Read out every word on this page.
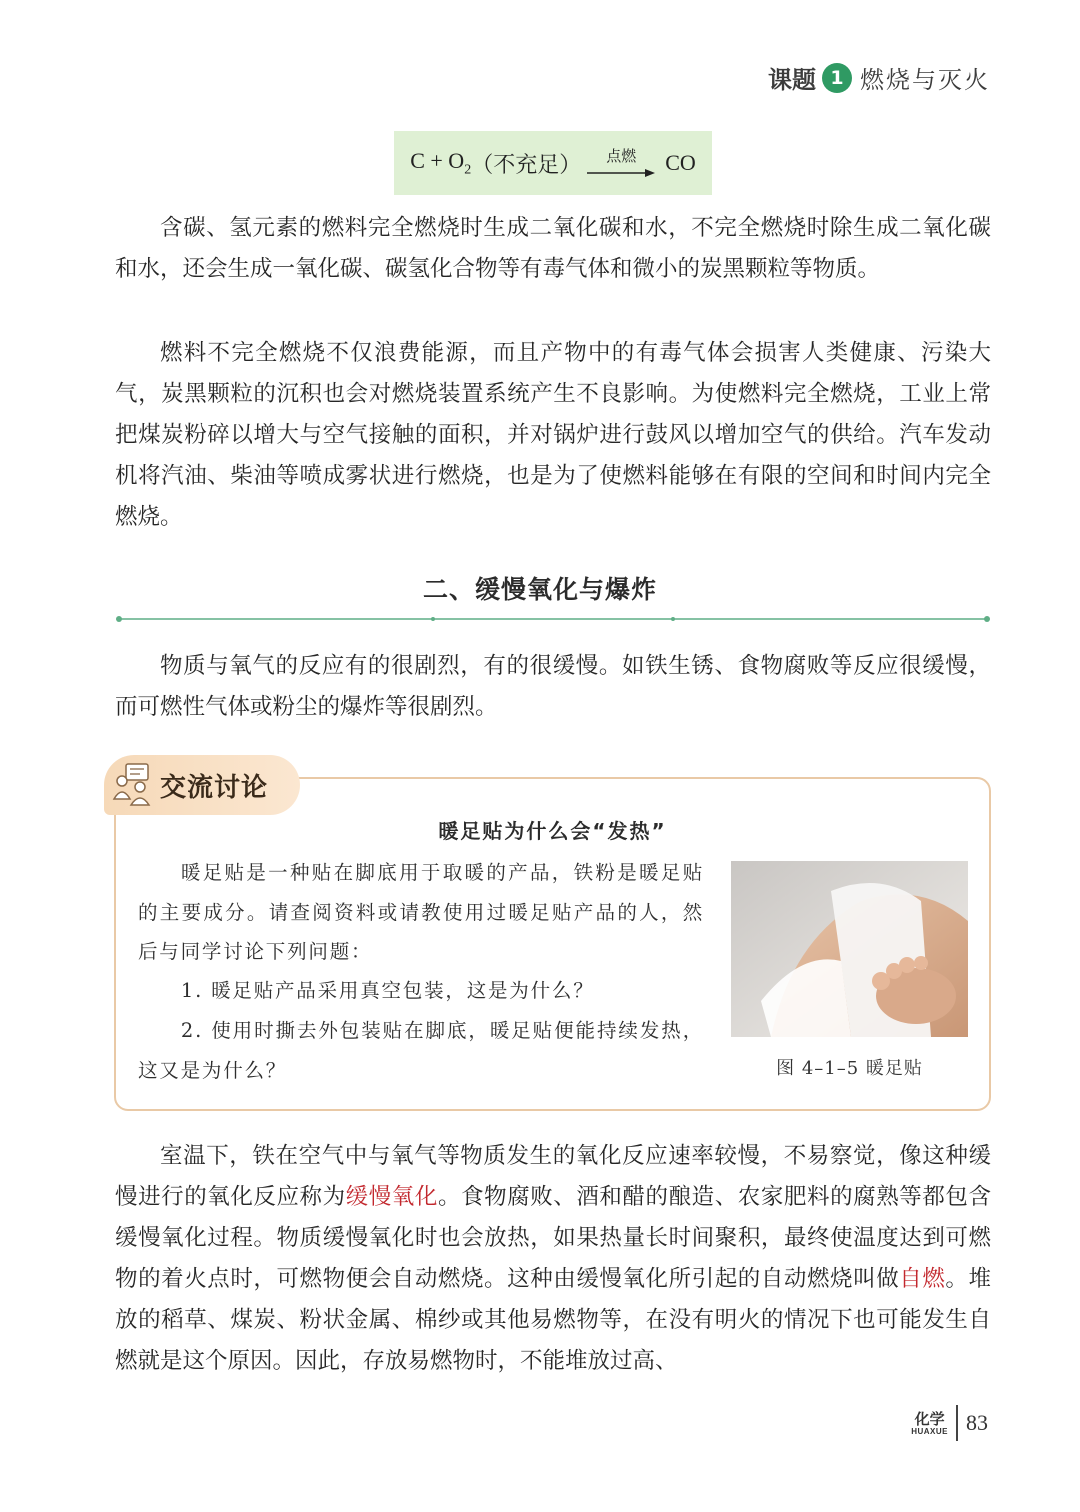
课题 1 燃烧与灭火
$C + O_2$ （不充足） 点燃 CO

含碳、氢元素的燃料完全燃烧时生成二氧化碳和水，不完全燃烧时除生成二氧化碳和水，还会生成一氧化碳、碳氢化合物等有毒气体和微小的炭黑颗粒等物质。

燃料不完全燃烧不仅浪费能源，而且产物中的有毒气体会损害人类健康、污染大气，炭黑颗粒的沉积也会对燃烧装置系统产生不良影响。为使燃料完全燃烧，工业上常把煤炭粉碎以增大与空气接触的面积，并对锅炉进行鼓风以增加空气的供给。汽车发动机将汽油、柴油等喷成雾状进行燃烧，也是为了使燃料能够在有限的空间和时间内完全燃烧。

二、缓慢氧化与爆炸

物质与氧气的反应有的很剧烈，有的很缓慢。如铁生锈、食物腐败等反应很缓慢，而可燃性气体或粉尘的爆炸等很剧烈。

交流讨论
暖足贴为什么会“发热”

暖足贴是一种贴在脚底用于取暖的产品，铁粉是暖足贴的主要成分。请查阅资料或请教使用过暖足贴产品的人，然后与同学讨论下列问题：

1. 暖足贴产品采用真空包装，这是为什么？

2. 使用时撕去外包装贴在脚底，暖足贴便能持续发热，这又是为什么？	图 4–1–5 暖足贴

室温下，铁在空气中与氧气等物质发生的氧化反应速率较慢，不易察觉，像这种缓慢进行的氧化反应称为缓慢氧化。食物腐败、酒和醋的酿造、农家肥料的腐熟等都包含缓慢氧化过程。物质缓慢氧化时也会放热，如果热量长时间聚积，最终使温度达到可燃物的着火点时，可燃物便会自动燃烧。这种由缓慢氧化所引起的自动燃烧叫做自燃。堆放的稻草、煤炭、粉状金属、棉纱或其他易燃物等，在没有明火的情况下也可能发生自燃就是这个原因。因此，存放易燃物时，不能堆放过高、

化学
HUAXUE 83
